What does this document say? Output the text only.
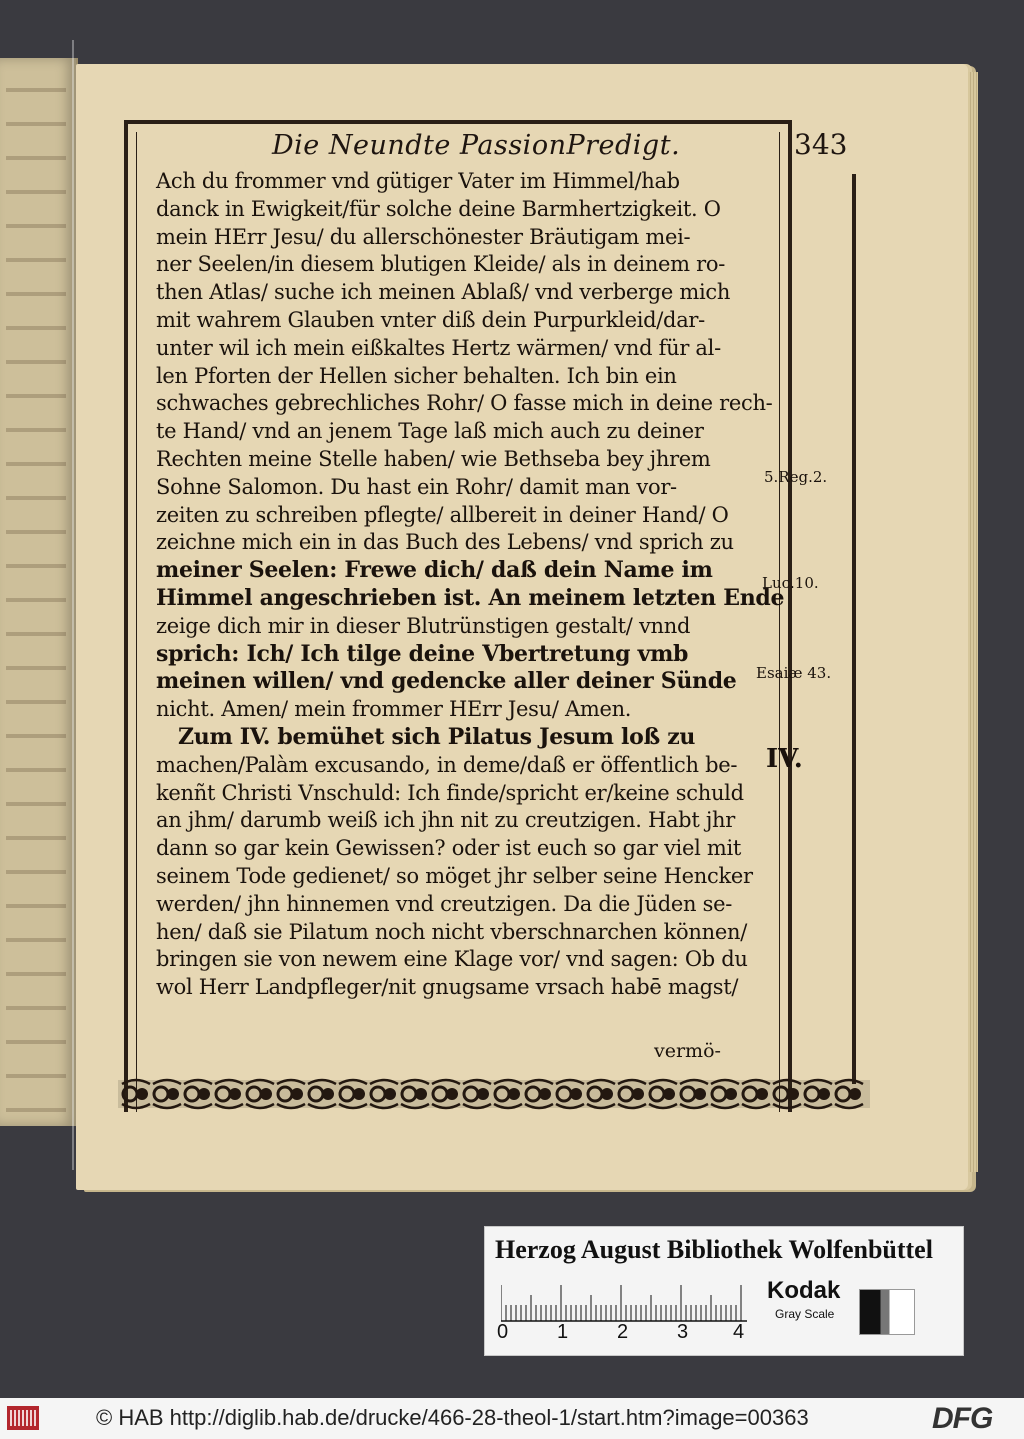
Die Neundte PassionPredigt.	343
Ach du frommer vnd gütiger Vater im Himmel/hab
danck in Ewigkeit/für solche deine Barmhertzigkeit. O
mein HErr Jesu/ du allerschönester Bräutigam mei-
ner Seelen/in diesem blutigen Kleide/ als in deinem ro-
then Atlas/ suche ich meinen Ablaß/ vnd verberge mich
mit wahrem Glauben vnter diß dein Purpurkleid/dar-
unter wil ich mein eißkaltes Hertz wärmen/ vnd für al-
len Pforten der Hellen sicher behalten. Ich bin ein
schwaches gebrechliches Rohr/ O fasse mich in deine rech-
te Hand/ vnd an jenem Tage laß mich auch zu deiner
Rechten meine Stelle haben/ wie Bethseba bey jhrem
Sohne Salomon. Du hast ein Rohr/ damit man vor-
zeiten zu schreiben pflegte/ allbereit in deiner Hand/ O
zeichne mich ein in das Buch des Lebens/ vnd sprich zu
meiner Seelen: Frewe dich/ daß dein Name im
Himmel angeschrieben ist. An meinem letzten Ende
zeige dich mir in dieser Blutrünstigen gestalt/ vnnd
sprich: Ich/ Ich tilge deine Vbertretung vmb
meinen willen/ vnd gedencke aller deiner Sünde
nicht. Amen/ mein frommer HErr Jesu/ Amen.
Zum IV. bemühet sich Pilatus Jesum loß zu
machen/Palàm excusando, in deme/daß er öffentlich be-
kenñt Christi Vnschuld: Ich finde/spricht er/keine schuld
an jhm/ darumb weiß ich jhn nit zu creutzigen. Habt jhr
dann so gar kein Gewissen? oder ist euch so gar viel mit
seinem Tode gedienet/ so möget jhr selber seine Hencker
werden/ jhn hinnemen vnd creutzigen. Da die Jüden se-
hen/ daß sie Pilatum noch nicht vberschnarchen können/
bringen sie von newem eine Klage vor/ vnd sagen: Ob du
wol Herr Landpfleger/nit gnugsame vrsach habē magst/
vermö-
5.Reg.2.
Luc.10.
Esaiæ 43.
IV.
Herzog August Bibliothek Wolfenbüttel
0 1 2 3 4
Kodak
Gray Scale
© HAB http://diglib.hab.de/drucke/466-28-theol-1/start.htm?image=00363	DFG
